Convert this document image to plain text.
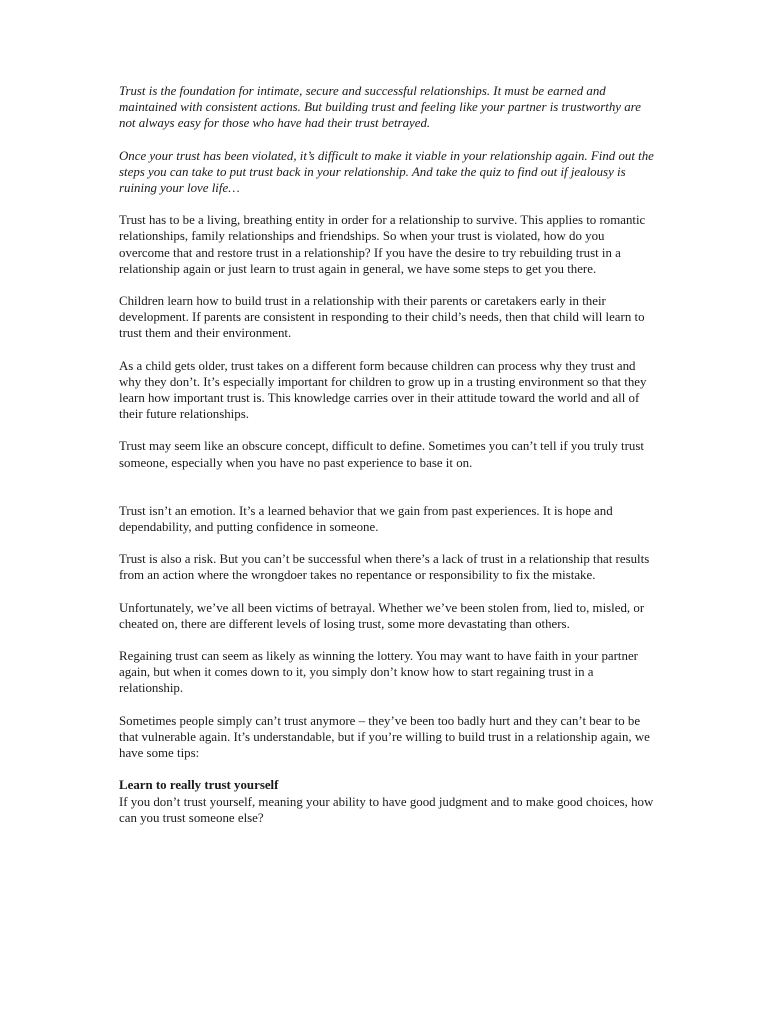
Trust is the foundation for intimate, secure and successful relationships. It must be earned and maintained with consistent actions. But building trust and feeling like your partner is trustworthy are not always easy for those who have had their trust betrayed.

Once your trust has been violated, it’s difficult to make it viable in your relationship again. Find out the steps you can take to put trust back in your relationship. And take the quiz to find out if jealousy is ruining your love life…

Trust has to be a living, breathing entity in order for a relationship to survive. This applies to romantic relationships, family relationships and friendships. So when your trust is violated, how do you overcome that and restore trust in a relationship? If you have the desire to try rebuilding trust in a relationship again or just learn to trust again in general, we have some steps to get you there.

Children learn how to build trust in a relationship with their parents or caretakers early in their development. If parents are consistent in responding to their child’s needs, then that child will learn to trust them and their environment.

As a child gets older, trust takes on a different form because children can process why they trust and why they don’t. It’s especially important for children to grow up in a trusting environment so that they learn how important trust is. This knowledge carries over in their attitude toward the world and all of their future relationships.

Trust may seem like an obscure concept, difficult to define. Sometimes you can’t tell if you truly trust someone, especially when you have no past experience to base it on.

Trust isn’t an emotion. It’s a learned behavior that we gain from past experiences. It is hope and dependability, and putting confidence in someone.

Trust is also a risk. But you can’t be successful when there’s a lack of trust in a relationship that results from an action where the wrongdoer takes no repentance or responsibility to fix the mistake.

Unfortunately, we’ve all been victims of betrayal. Whether we’ve been stolen from, lied to, misled, or cheated on, there are different levels of losing trust, some more devastating than others.

Regaining trust can seem as likely as winning the lottery. You may want to have faith in your partner again, but when it comes down to it, you simply don’t know how to start regaining trust in a relationship.

Sometimes people simply can’t trust anymore – they’ve been too badly hurt and they can’t bear to be that vulnerable again. It’s understandable, but if you’re willing to build trust in a relationship again, we have some tips:

Learn to really trust yourself

If you don’t trust yourself, meaning your ability to have good judgment and to make good choices, how can you trust someone else?
